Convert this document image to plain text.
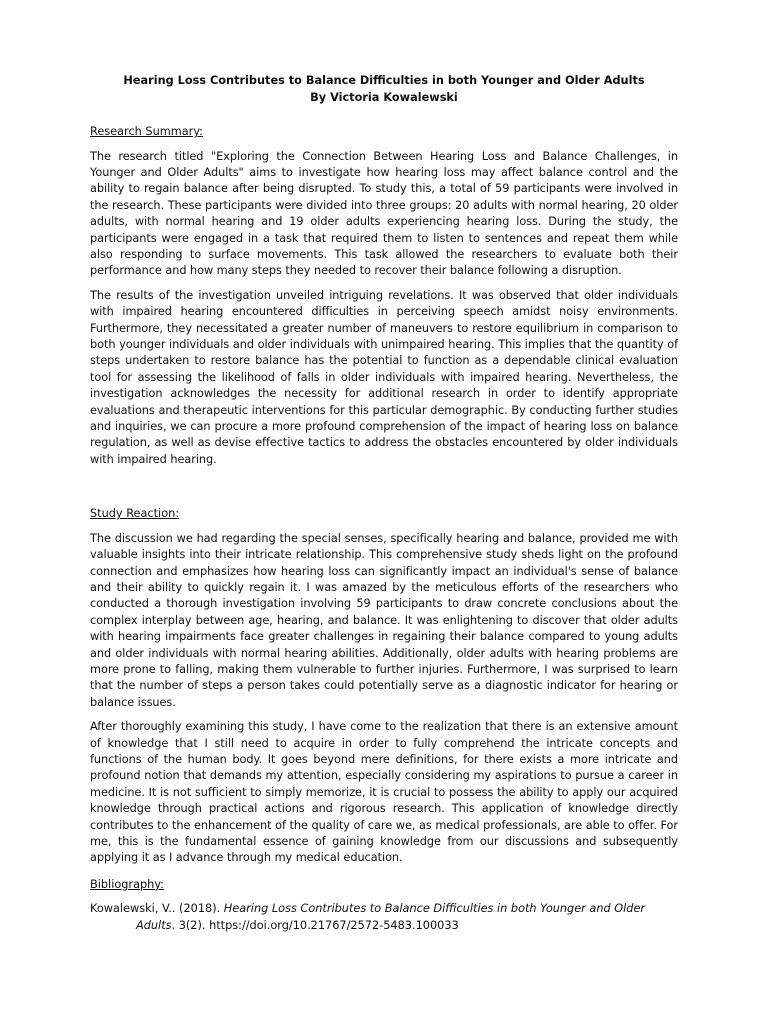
Hearing Loss Contributes to Balance Difficulties in both Younger and Older Adults
By Victoria Kowalewski
Research Summary:

The research titled "Exploring the Connection Between Hearing Loss and Balance Challenges, in Younger and Older Adults" aims to investigate how hearing loss may affect balance control and the ability to regain balance after being disrupted. To study this, a total of 59 participants were involved in the research. These participants were divided into three groups: 20 adults with normal hearing, 20 older adults, with normal hearing and 19 older adults experiencing hearing loss. During the study, the participants were engaged in a task that required them to listen to sentences and repeat them while also responding to surface movements. This task allowed the researchers to evaluate both their performance and how many steps they needed to recover their balance following a disruption.

The results of the investigation unveiled intriguing revelations. It was observed that older individuals with impaired hearing encountered difficulties in perceiving speech amidst noisy environments. Furthermore, they necessitated a greater number of maneuvers to restore equilibrium in comparison to both younger individuals and older individuals with unimpaired hearing. This implies that the quantity of steps undertaken to restore balance has the potential to function as a dependable clinical evaluation tool for assessing the likelihood of falls in older individuals with impaired hearing. Nevertheless, the investigation acknowledges the necessity for additional research in order to identify appropriate evaluations and therapeutic interventions for this particular demographic. By conducting further studies and inquiries, we can procure a more profound comprehension of the impact of hearing loss on balance regulation, as well as devise effective tactics to address the obstacles encountered by older individuals with impaired hearing.

Study Reaction:

The discussion we had regarding the special senses, specifically hearing and balance, provided me with valuable insights into their intricate relationship. This comprehensive study sheds light on the profound connection and emphasizes how hearing loss can significantly impact an individual's sense of balance and their ability to quickly regain it. I was amazed by the meticulous efforts of the researchers who conducted a thorough investigation involving 59 participants to draw concrete conclusions about the complex interplay between age, hearing, and balance. It was enlightening to discover that older adults with hearing impairments face greater challenges in regaining their balance compared to young adults and older individuals with normal hearing abilities. Additionally, older adults with hearing problems are more prone to falling, making them vulnerable to further injuries. Furthermore, I was surprised to learn that the number of steps a person takes could potentially serve as a diagnostic indicator for hearing or balance issues.

After thoroughly examining this study, I have come to the realization that there is an extensive amount of knowledge that I still need to acquire in order to fully comprehend the intricate concepts and functions of the human body. It goes beyond mere definitions, for there exists a more intricate and profound notion that demands my attention, especially considering my aspirations to pursue a career in medicine. It is not sufficient to simply memorize, it is crucial to possess the ability to apply our acquired knowledge through practical actions and rigorous research. This application of knowledge directly contributes to the enhancement of the quality of care we, as medical professionals, are able to offer. For me, this is the fundamental essence of gaining knowledge from our discussions and subsequently applying it as I advance through my medical education.

Bibliography:
Kowalewski, V.. (2018). Hearing Loss Contributes to Balance Difficulties in both Younger and Older Adults. 3(2). https://doi.org/10.21767/2572-5483.100033
